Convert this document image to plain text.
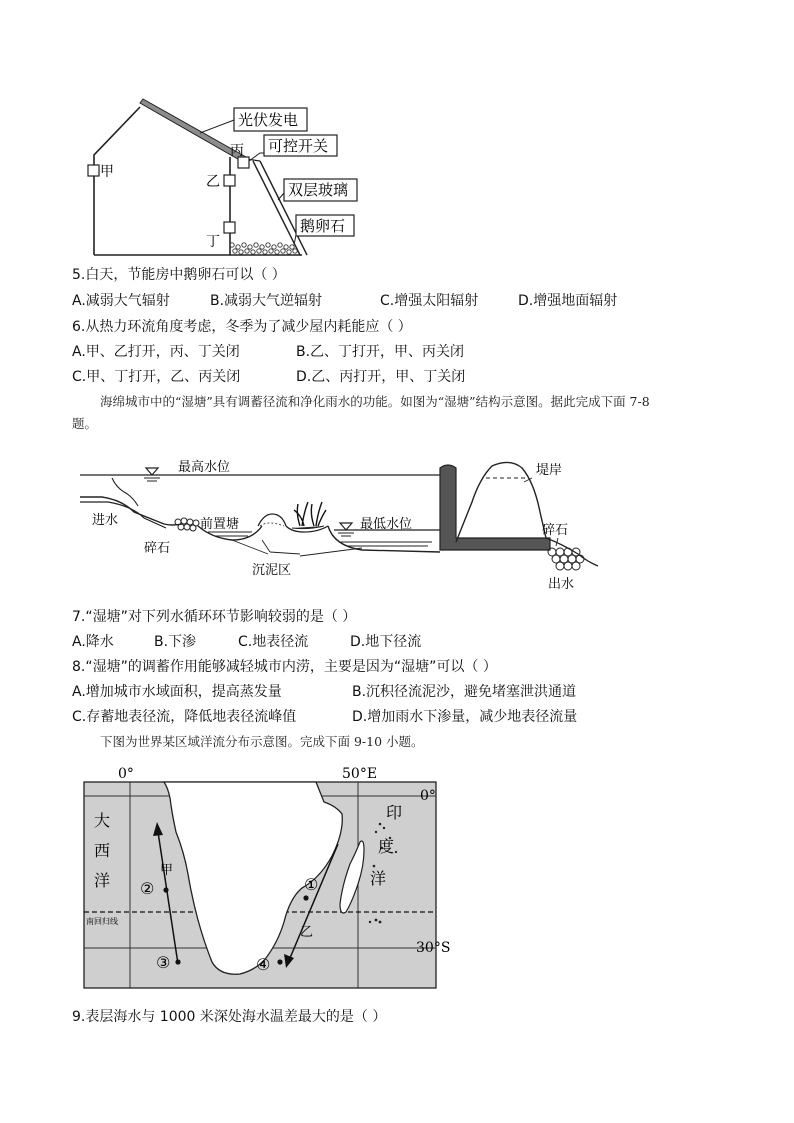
光伏发电
可控开关
双层玻璃
鹅卵石
甲
乙
丙
丁
5.白天，节能房中鹅卵石可以（ ）
A.减弱大气辐射	B.减弱大气逆辐射	C.增强太阳辐射	D.增强地面辐射
6.从热力环流角度考虑，冬季为了减少屋内耗能应（ ）
A.甲、乙打开，丙、丁关闭	B.乙、丁打开，甲、丙关闭
C.甲、丁打开，乙、丙关闭	D.乙、丙打开，甲、丁关闭
海绵城市中的“湿塘”具有调蓄径流和净化雨水的功能。如图为“湿塘”结构示意图。据此完成下面 7-8
题。
最高水位
进水
碎石
前置塘	最低水位
沉泥区
堤岸
碎石
出水
7.“湿塘”对下列水循环环节影响较弱的是（ ）
A.降水	B.下渗	C.地表径流	D.地下径流
8.“湿塘”的调蓄作用能够减轻城市内涝，主要是因为“湿塘”可以（ ）
A.增加城市水域面积，提高蒸发量	B.沉积径流泥沙，避免堵塞泄洪通道
C.存蓄地表径流，降低地表径流峰值	D.增加雨水下渗量，减少地表径流量
下图为世界某区域洋流分布示意图。完成下面 9-10 小题。
0°	50°E
0°
30°S
大
西
洋
印
度
洋
南回归线
甲
乙
②
③
①
④
9.表层海水与 1000 米深处海水温差最大的是（ ）
